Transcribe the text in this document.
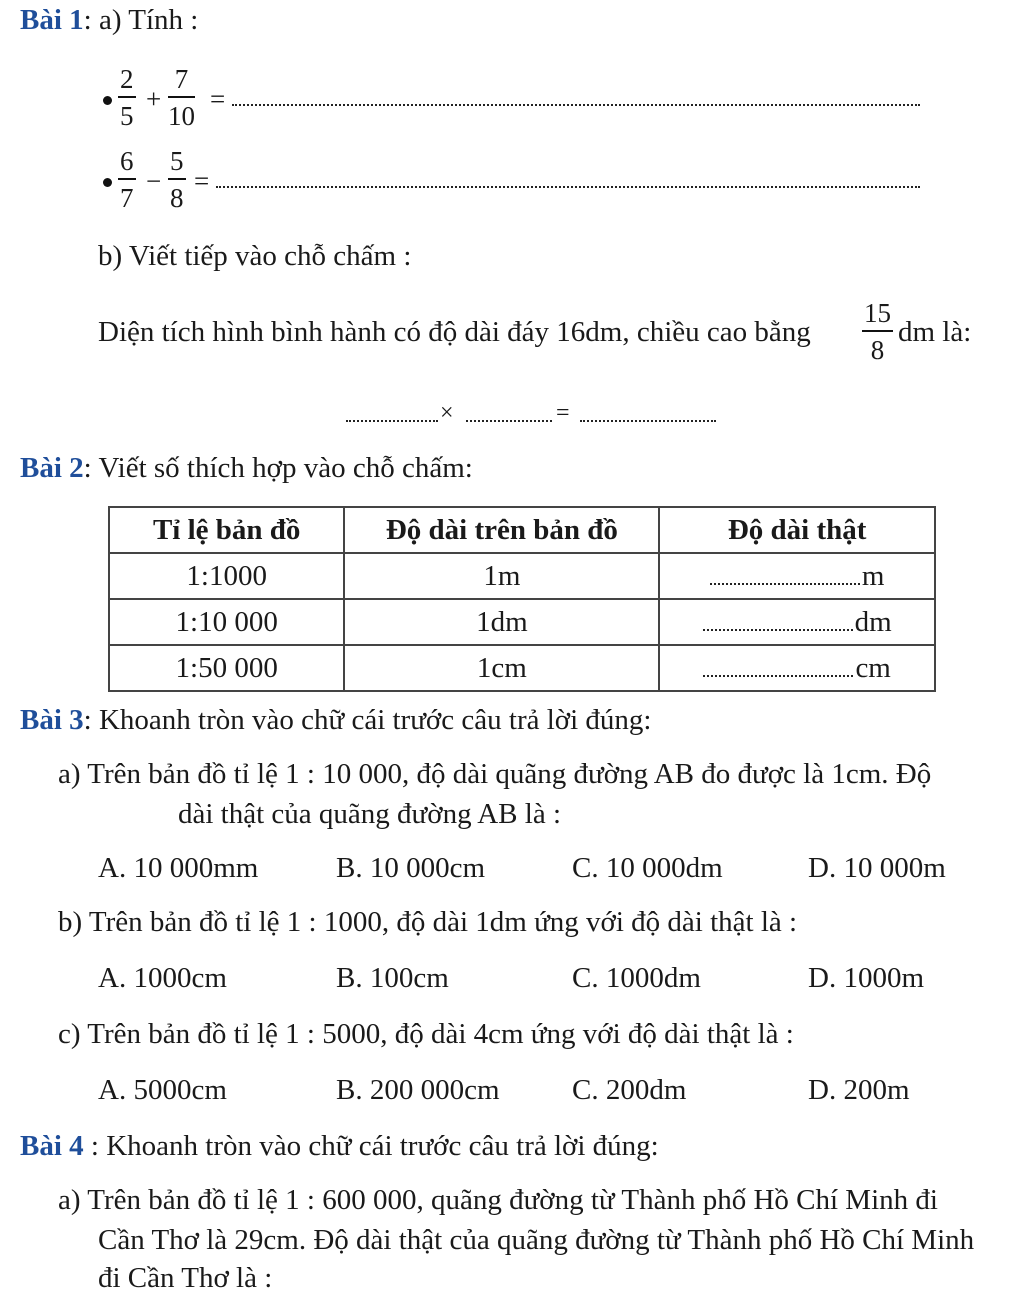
Bài 1: a) Tính :
2
5
+
7
10
=
6
7
−
5
8
=
b) Viết tiếp vào chỗ chấm :
Diện tích hình bình hành có độ dài đáy 16dm, chiều cao bằng
15
8
dm là:
×	=
Bài 2: Viết số thích hợp vào chỗ chấm:
Tỉ lệ bản đồ	Độ dài trên bản đồ	Độ dài thật
1:1000	1m	m

1:10 000	1dm	dm

1:50 000	1cm	cm
Bài 3: Khoanh tròn vào chữ cái trước câu trả lời đúng:
a) Trên bản đồ tỉ lệ 1 : 10 000, độ dài quãng đường AB đo được là 1cm. Độ
dài thật của quãng đường AB là :
A. 10 000mm	B. 10 000cm	C. 10 000dm	D. 10 000m
b) Trên bản đồ tỉ lệ 1 : 1000, độ dài 1dm ứng với độ dài thật là :
A. 1000cm	B. 100cm	C. 1000dm	D. 1000m
c) Trên bản đồ tỉ lệ 1 : 5000, độ dài 4cm ứng với độ dài thật là :
A. 5000cm	B. 200 000cm C. 200dm	D. 200m
Bài 4 : Khoanh tròn vào chữ cái trước câu trả lời đúng:
a) Trên bản đồ tỉ lệ 1 : 600 000, quãng đường từ Thành phố Hồ Chí Minh đi
Cần Thơ là 29cm. Độ dài thật của quãng đường từ Thành phố Hồ Chí Minh
đi Cần Thơ là :
